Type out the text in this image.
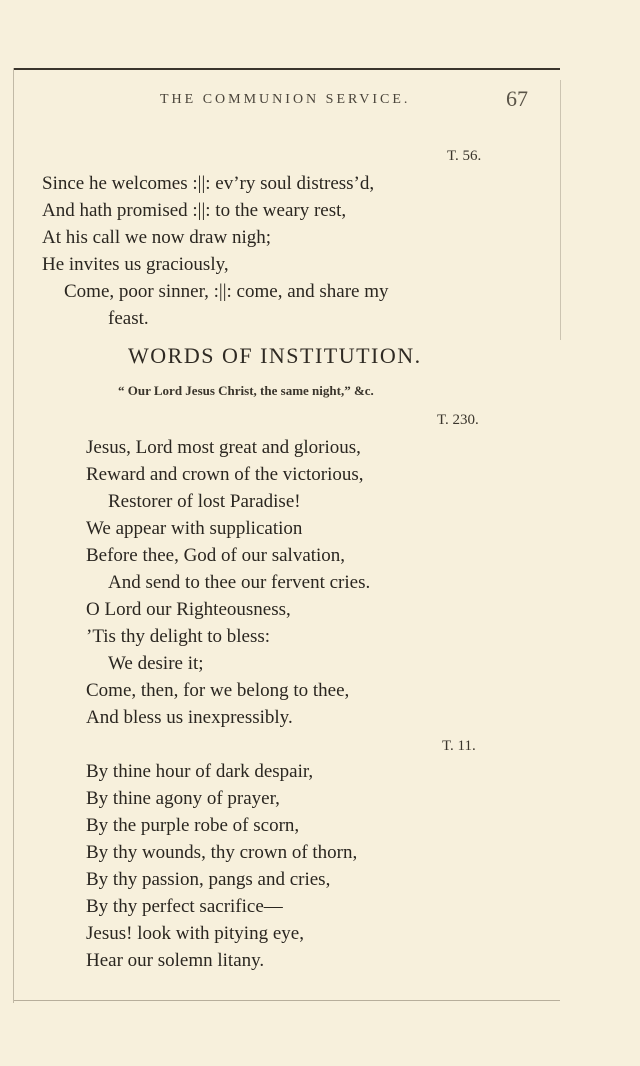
THE COMMUNION SERVICE.	67
T. 56.
Since he welcomes :||: ev’ry soul distress’d,
And hath promised :||: to the weary rest,
At his call we now draw nigh;
He invites us graciously,
Come, poor sinner, :||: come, and share my
feast.
WORDS OF INSTITUTION.
“ Our Lord Jesus Christ, the same night,” &c.
T. 230.
Jesus, Lord most great and glorious,
Reward and crown of the victorious,
Restorer of lost Paradise!
We appear with supplication
Before thee, God of our salvation,
And send to thee our fervent cries.
O Lord our Righteousness,
’Tis thy delight to bless:
We desire it;
Come, then, for we belong to thee,
And bless us inexpressibly.
T. 11.
By thine hour of dark despair,
By thine agony of prayer,
By the purple robe of scorn,
By thy wounds, thy crown of thorn,
By thy passion, pangs and cries,
By thy perfect sacrifice—
Jesus! look with pitying eye,
Hear our solemn litany.
